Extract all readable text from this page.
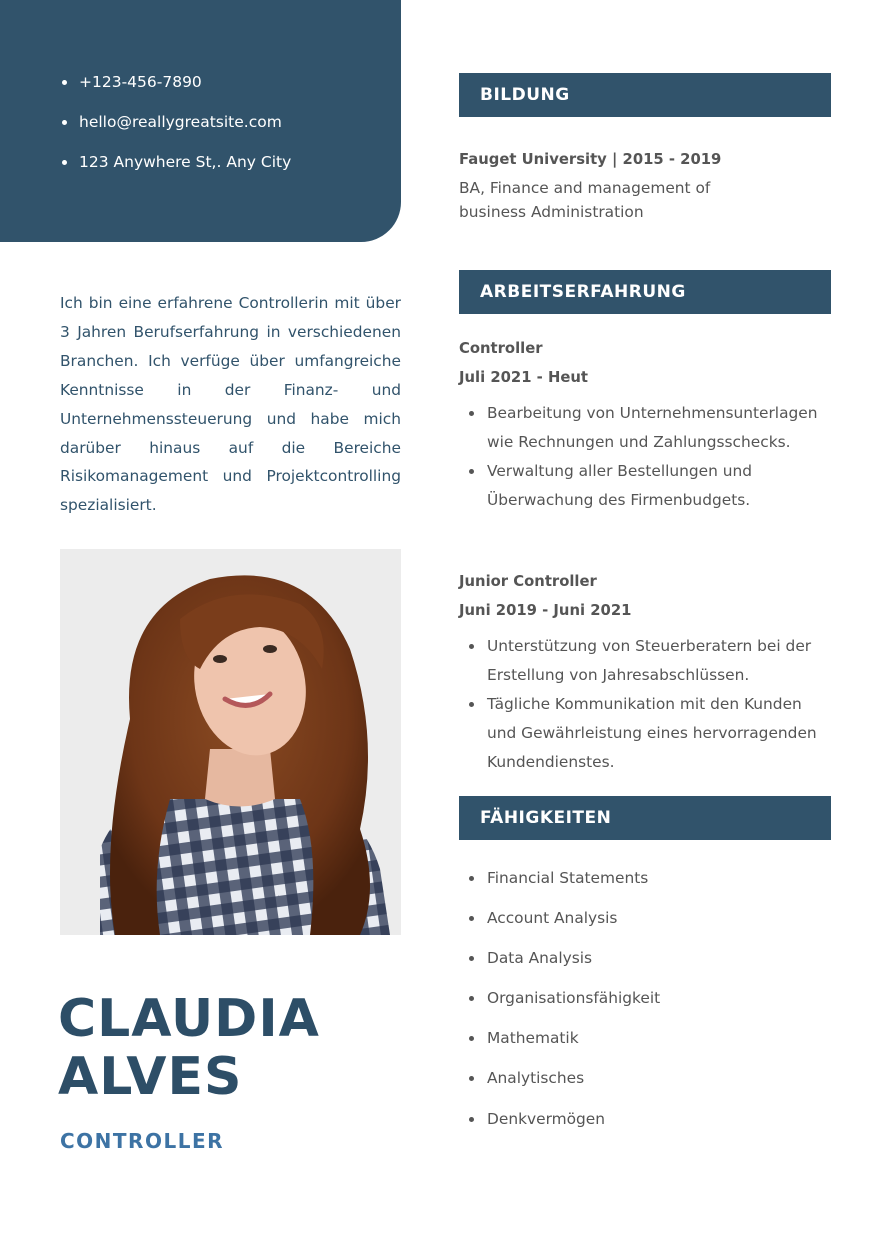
+123-456-7890
hello@reallygreatsite.com
123 Anywhere St,. Any City

Ich bin eine erfahrene Controllerin mit über 3 Jahren Berufserfahrung in verschiedenen Branchen. Ich verfüge über umfangreiche Kenntnisse in der Finanz- und Unternehmenssteuerung und habe mich darüber hinaus auf die Bereiche Risikomanagement und Projektcontrolling spezialisiert.

CLAUDIA
ALVES
CONTROLLER
BILDUNG
Fauget University | 2015 - 2019
BA, Finance and management of business Administration
ARBEITSERFAHRUNG
Controller
Juli 2021 - Heut
Bearbeitung von Unternehmensunterlagen wie Rechnungen und Zahlungsschecks.
Verwaltung aller Bestellungen und Überwachung des Firmenbudgets.
Junior Controller
Juni 2019 - Juni 2021
Unterstützung von Steuerberatern bei der Erstellung von Jahresabschlüssen.
Tägliche Kommunikation mit den Kunden und Gewährleistung eines hervorragenden Kundendienstes.
FÄHIGKEITEN
Financial Statements
Account Analysis
Data Analysis
Organisationsfähigkeit
Mathematik
Analytisches
Denkvermögen
